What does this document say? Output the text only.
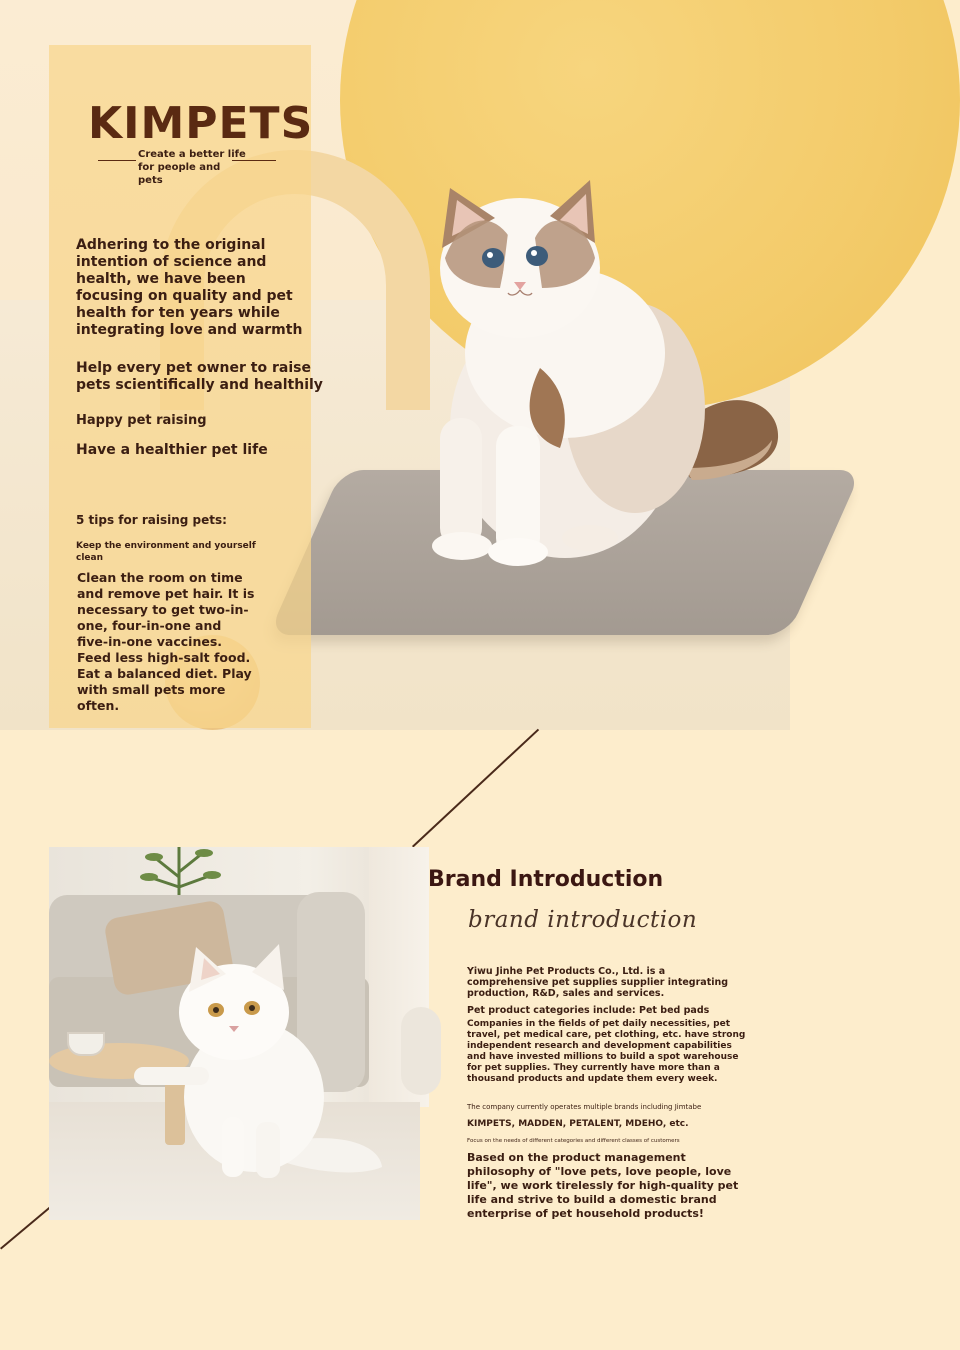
KIMPETS
Create a better life for people and pets
Adhering to the original intention of science and health, we have been focusing on quality and pet health for ten years while integrating love and warmth
Help every pet owner to raise pets scientifically and healthily
Happy pet raising
Have a healthier pet life
5 tips for raising pets:
Keep the environment and yourself clean
Clean the room on time and remove pet hair. It is necessary to get two-in-one, four-in-one and five-in-one vaccines. Feed less high-salt food. Eat a balanced diet. Play with small pets more often.
Brand Introduction
brand introduction

Yiwu Jinhe Pet Products Co., Ltd. is a comprehensive pet supplies supplier integrating production, R&D, sales and services.

Pet product categories include: Pet bed pads

Companies in the fields of pet daily necessities, pet travel, pet medical care, pet clothing, etc. have strong independent research and development capabilities and have invested millions to build a spot warehouse for pet supplies. They currently have more than a thousand products and update them every week.

The company currently operates multiple brands including Jimtabe

KIMPETS, MADDEN, PETALENT, MDEHO, etc.

Focus on the needs of different categories and different classes of customers

Based on the product management philosophy of "love pets, love people, love life", we work tirelessly for high-quality pet life and strive to build a domestic brand enterprise of pet household products!
